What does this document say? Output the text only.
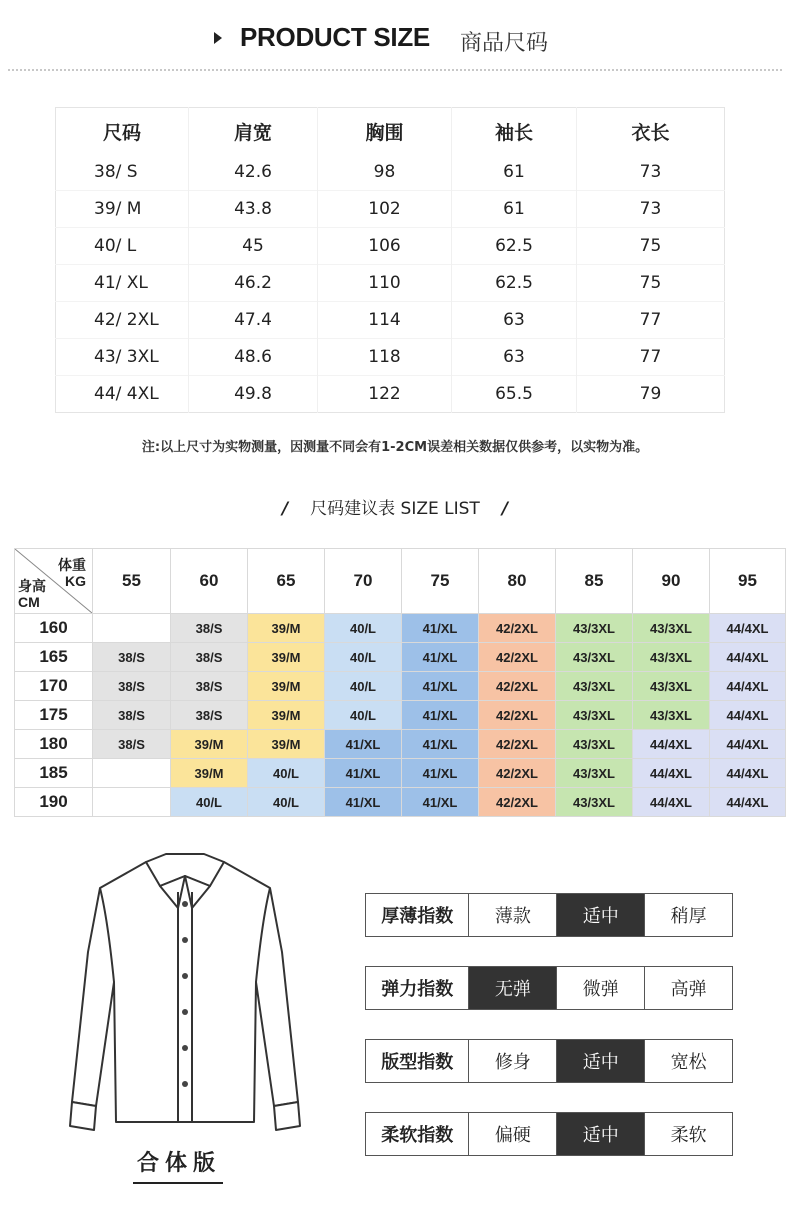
PRODUCT SIZE 商品尺码
尺码	肩宽	胸围	袖长	衣长
38/ S	42.6	98	61	73
39/ M	43.8	102	61	73
40/ L	45	106	62.5	75
41/ XL	46.2	110	62.5	75
42/ 2XL	47.4	114	63	77
43/ 3XL	48.6	118	63	77
44/ 4XL	49.8	122	65.5	79
注:以上尺寸为实物测量，因测量不同会有1-2CM误差相关数据仅供参考，以实物为准。
/ 尺码建议表 SIZE LIST /
体重
KG
身高
CM	55	60	65	70	75	80	85	90	95
160		38/S	39/M	40/L	41/XL	42/2XL	43/3XL	43/3XL	44/4XL
165	38/S	38/S	39/M	40/L	41/XL	42/2XL	43/3XL	43/3XL	44/4XL
170	38/S	38/S	39/M	40/L	41/XL	42/2XL	43/3XL	43/3XL	44/4XL
175	38/S	38/S	39/M	40/L	41/XL	42/2XL	43/3XL	43/3XL	44/4XL
180	38/S	39/M	39/M	41/XL	41/XL	42/2XL	43/3XL	44/4XL	44/4XL
185		39/M	40/L	41/XL	41/XL	42/2XL	43/3XL	44/4XL	44/4XL
190		40/L	40/L	41/XL	41/XL	42/2XL	43/3XL	44/4XL	44/4XL
合体版
厚薄指数	薄款	适中	稍厚
弹力指数	无弹	微弹	高弹
版型指数	修身	适中	宽松
柔软指数	偏硬	适中	柔软
